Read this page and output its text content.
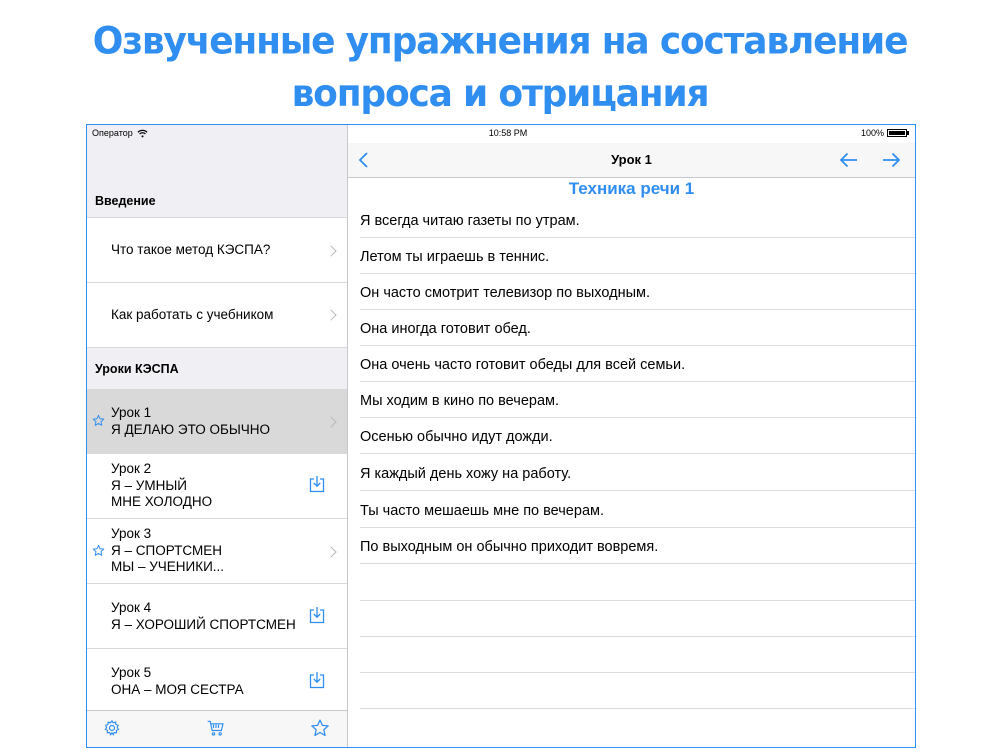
Озвученные упражнения на составление
вопроса и отрицания
Оператор
Введение
Что такое метод КЭСПА?
Как работать с учебником
Уроки КЭСПА
Урок 1
Я ДЕЛАЮ ЭТО ОБЫЧНО
Урок 2
Я – УМНЫЙ
МНЕ ХОЛОДНО
Урок 3
Я – СПОРТСМЕН
МЫ – УЧЕНИКИ...
Урок 4
Я – ХОРОШИЙ СПОРТСМЕН
Урок 5
ОНА – МОЯ СЕСТРА
10:58 PM	100%
Урок 1
Техника речи 1
Я всегда читаю газеты по утрам.
Летом ты играешь в теннис.
Он часто смотрит телевизор по выходным.
Она иногда готовит обед.
Она очень часто готовит обеды для всей семьи.
Мы ходим в кино по вечерам.
Осенью обычно идут дожди.
Я каждый день хожу на работу.
Ты часто мешаешь мне по вечерам.
По выходным он обычно приходит вовремя.
